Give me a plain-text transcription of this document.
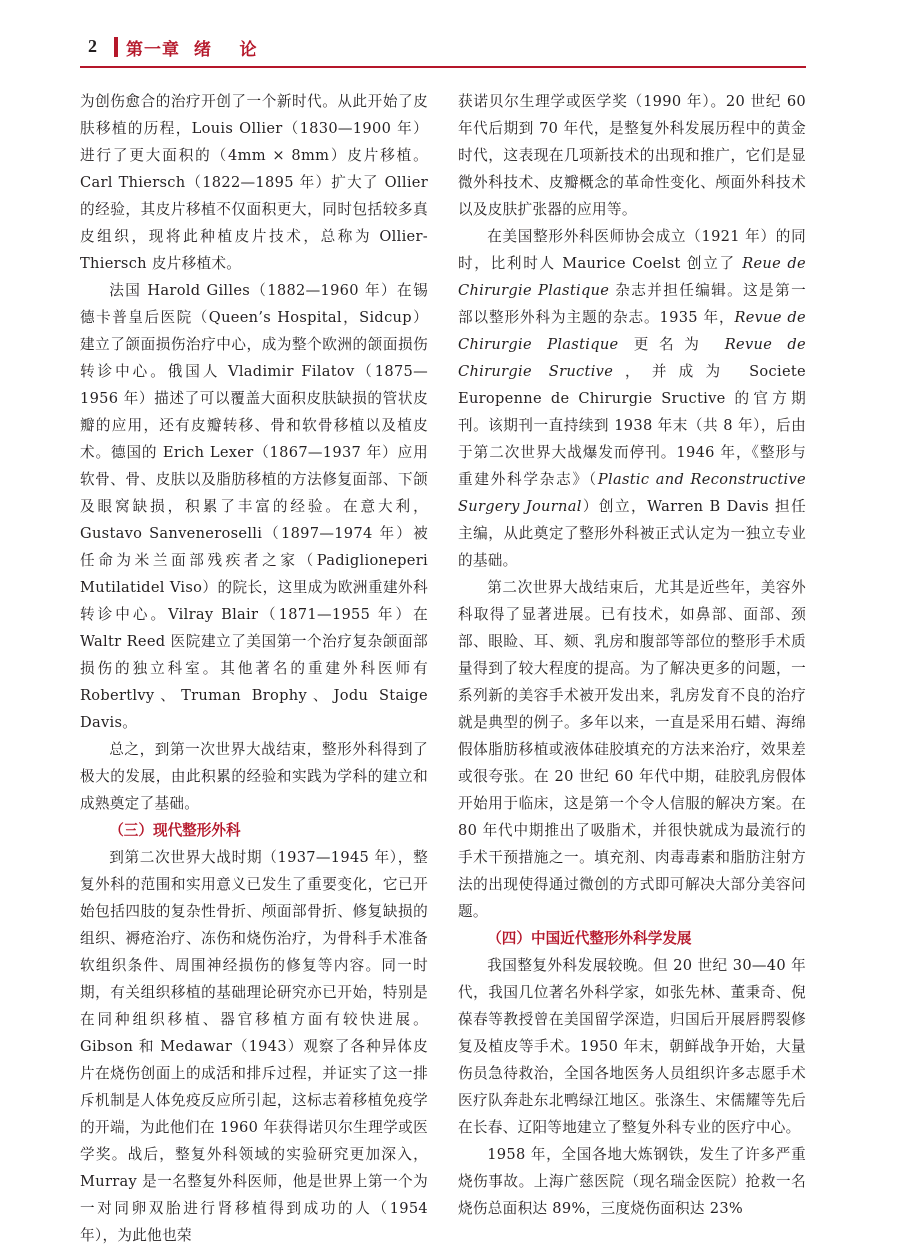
2 第一章  绪    论

为创伤愈合的治疗开创了一个新时代。从此开始了皮肤移植的历程，Louis Ollier（1830—1900 年）进行了更大面积的（4mm × 8mm）皮片移植。Carl Thiersch（1822—1895 年）扩大了 Ollier 的经验，其皮片移植不仅面积更大，同时包括较多真皮组织，现将此种植皮片技术，总称为 Ollier-Thiersch 皮片移植术。

法国 Harold Gilles（1882—1960 年）在锡德卡普皇后医院（Queen’s Hospital，Sidcup）建立了颌面损伤治疗中心，成为整个欧洲的颌面损伤转诊中心。俄国人 Vladimir Filatov（1875—1956 年）描述了可以覆盖大面积皮肤缺损的管状皮瓣的应用，还有皮瓣转移、骨和软骨移植以及植皮术。德国的 Erich Lexer（1867—1937 年）应用软骨、骨、皮肤以及脂肪移植的方法修复面部、下颌及眼窝缺损，积累了丰富的经验。在意大利，Gustavo Sanveneroselli（1897—1974 年）被任命为米兰面部残疾者之家（Padiglioneperi Mutilatidel Viso）的院长，这里成为欧洲重建外科转诊中心。Vilray Blair（1871—1955 年）在 Waltr Reed 医院建立了美国第一个治疗复杂颌面部损伤的独立科室。其他著名的重建外科医师有 Robertlvy、Truman Brophy、Jodu Staige Davis。

总之，到第一次世界大战结束，整形外科得到了极大的发展，由此积累的经验和实践为学科的建立和成熟奠定了基础。

（三）现代整形外科

到第二次世界大战时期（1937—1945 年），整复外科的范围和实用意义已发生了重要变化，它已开始包括四肢的复杂性骨折、颅面部骨折、修复缺损的组织、褥疮治疗、冻伤和烧伤治疗，为骨科手术准备软组织条件、周围神经损伤的修复等内容。同一时期，有关组织移植的基础理论研究亦已开始，特别是在同种组织移植、器官移植方面有较快进展。Gibson 和 Medawar（1943）观察了各种异体皮片在烧伤创面上的成活和排斥过程，并证实了这一排斥机制是人体免疫反应所引起，这标志着移植免疫学的开端，为此他们在 1960 年获得诺贝尔生理学或医学奖。战后，整复外科领域的实验研究更加深入，Murray 是一名整复外科医师，他是世界上第一个为一对同卵双胎进行肾移植得到成功的人（1954 年），为此他也荣

获诺贝尔生理学或医学奖（1990 年）。20 世纪 60 年代后期到 70 年代，是整复外科发展历程中的黄金时代，这表现在几项新技术的出现和推广，它们是显微外科技术、皮瓣概念的革命性变化、颅面外科技术以及皮肤扩张器的应用等。

在美国整形外科医师协会成立（1921 年）的同时，比利时人 Maurice Coelst 创立了 Reue de Chirurgie Plastique 杂志并担任编辑。这是第一部以整形外科为主题的杂志。1935 年，Revue de Chirurgie Plastique 更名为 Revue de Chirurgie Sructive，并成为 Societe Europenne de Chirurgie Sructive 的官方期刊。该期刊一直持续到 1938 年末（共 8 年），后由于第二次世界大战爆发而停刊。1946 年，《整形与重建外科学杂志》（Plastic and Reconstructive Surgery Journal）创立，Warren B Davis 担任主编，从此奠定了整形外科被正式认定为一独立专业的基础。

第二次世界大战结束后，尤其是近些年，美容外科取得了显著进展。已有技术，如鼻部、面部、颈部、眼睑、耳、颏、乳房和腹部等部位的整形手术质量得到了较大程度的提高。为了解决更多的问题，一系列新的美容手术被开发出来，乳房发育不良的治疗就是典型的例子。多年以来，一直是采用石蜡、海绵假体脂肪移植或液体硅胶填充的方法来治疗，效果差或很夸张。在 20 世纪 60 年代中期，硅胶乳房假体开始用于临床，这是第一个令人信服的解决方案。在 80 年代中期推出了吸脂术，并很快就成为最流行的手术干预措施之一。填充剂、肉毒毒素和脂肪注射方法的出现使得通过微创的方式即可解决大部分美容问题。

（四）中国近代整形外科学发展

我国整复外科发展较晚。但 20 世纪 30—40 年代，我国几位著名外科学家，如张先林、董秉奇、倪葆春等教授曾在美国留学深造，归国后开展唇腭裂修复及植皮等手术。1950 年末，朝鲜战争开始，大量伤员急待救治，全国各地医务人员组织许多志愿手术医疗队奔赴东北鸭绿江地区。张涤生、宋儒耀等先后在长春、辽阳等地建立了整复外科专业的医疗中心。

1958 年，全国各地大炼钢铁，发生了许多严重烧伤事故。上海广慈医院（现名瑞金医院）抢救一名烧伤总面积达 89%，三度烧伤面积达 23%
